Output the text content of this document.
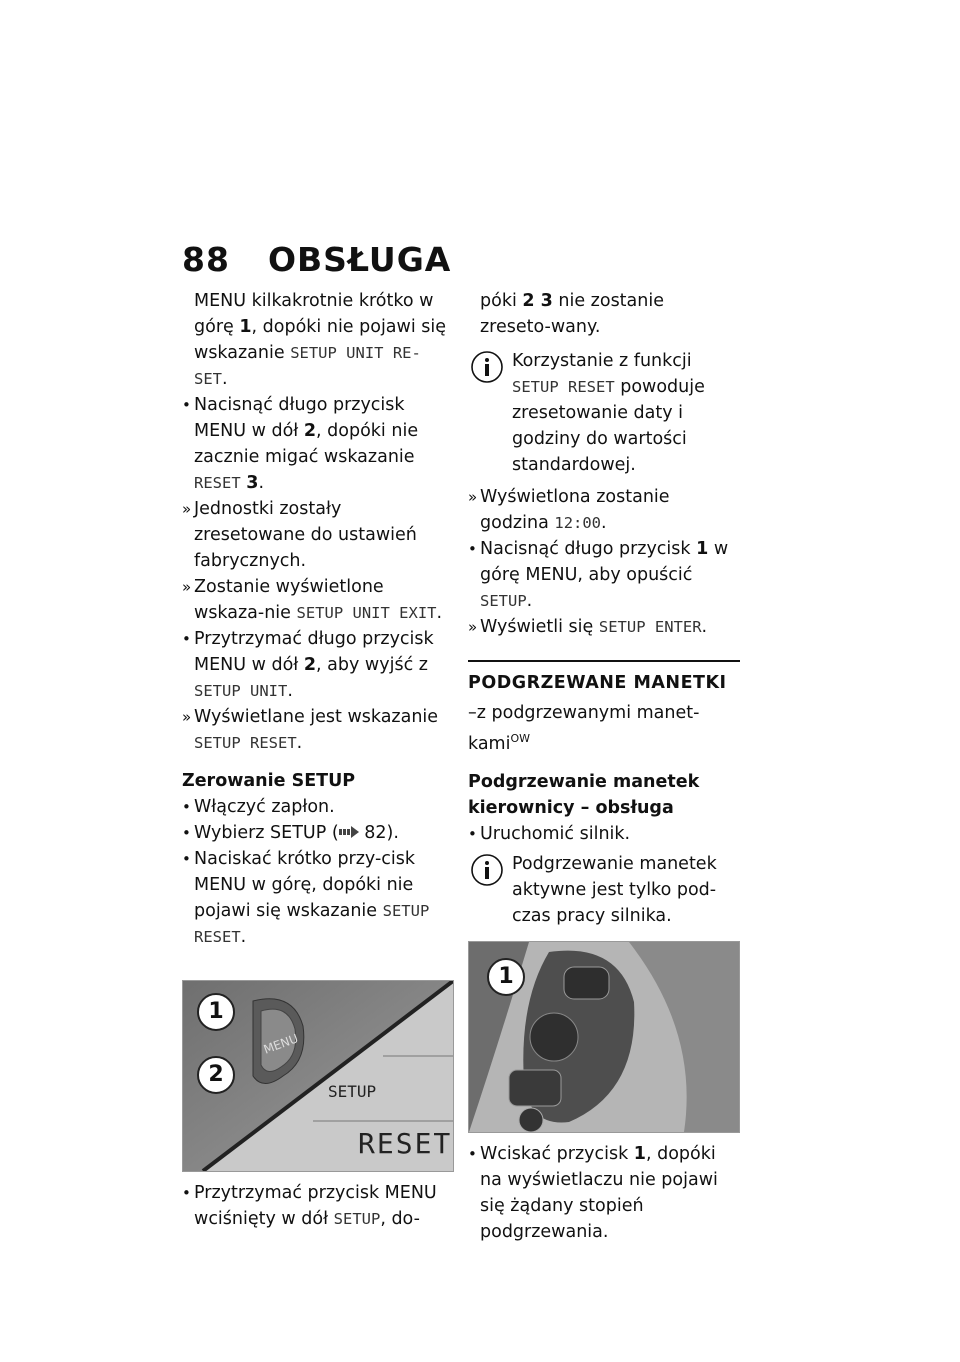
88 OBSŁUGA
MENU kilkakrotnie krótko w górę 1, dopóki nie pojawi się wskazanie SETUP UNIT RE-SET.
• Nacisnąć długo przycisk MENU w dół 2, dopóki nie zacznie migać wskazanie RESET 3.
» Jednostki zostały zresetowane do ustawień fabrycznych.
» Zostanie wyświetlone wskaza-nie SETUP UNIT EXIT.
• Przytrzymać długo przycisk MENU w dół 2, aby wyjść z SETUP UNIT.
» Wyświetlane jest wskazanie SETUP RESET.
Zerowanie SETUP
• Włączyć zapłon.
• Wybierz SETUP ( 82).
• Naciskać krótko przy-cisk MENU w górę, dopóki nie pojawi się wskazanie SETUP RESET.
MENU
SETUP
RESET
1
2
• Przytrzymać przycisk MENU wciśnięty w dół SETUP, do-
póki 2 3 nie zostanie zreseto-wany.
Korzystanie z funkcji SETUP RESET powoduje zresetowanie daty i godziny do wartości standardowej.
» Wyświetlona zostanie godzina 12:00.
• Nacisnąć długo przycisk 1 w górę MENU, aby opuścić SETUP.
» Wyświetli się SETUP ENTER.
PODGRZEWANE MANETKI
–z podgrzewanymi manet-kami$^{OW}$
Podgrzewanie manetek kierownicy – obsługa
• Uruchomić silnik.
Podgrzewanie manetek aktywne jest tylko pod-czas pracy silnika.
1
• Wciskać przycisk 1, dopóki na wyświetlaczu nie pojawi się żądany stopień podgrzewania.
